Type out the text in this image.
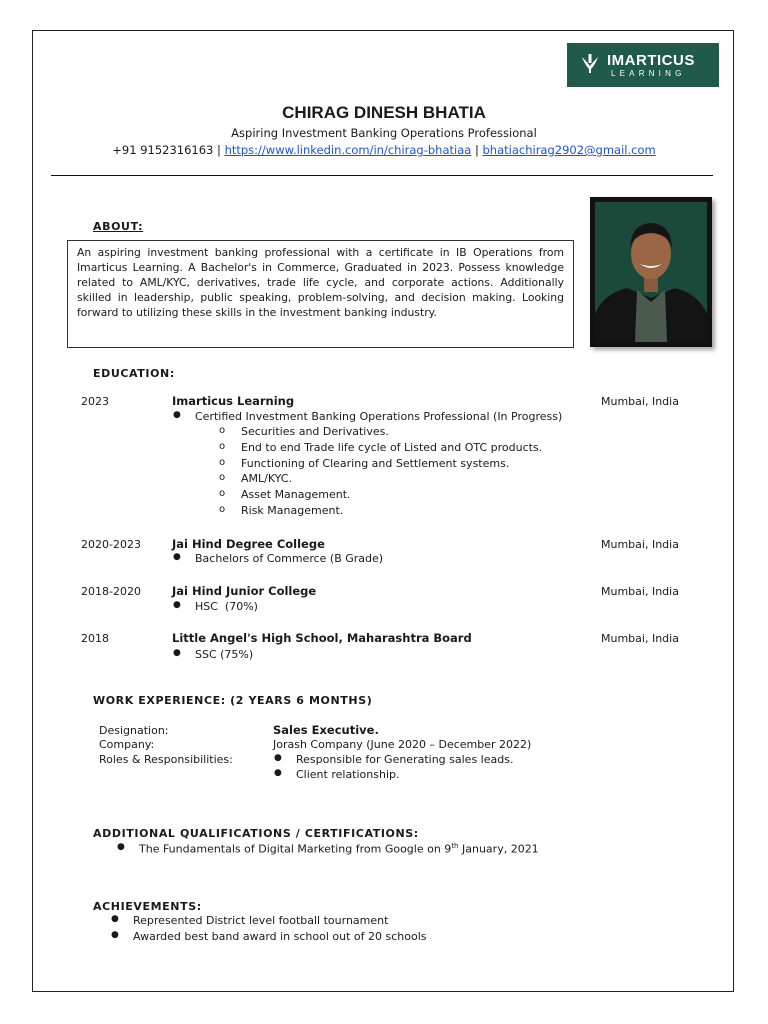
IMARTICUS
LEARNING
CHIRAG DINESH BHATIA
Aspiring Investment Banking Operations Professional
+91 9152316163 | https://www.linkedin.com/in/chirag-bhatiaa | bhatiachirag2902@gmail.com
ABOUT:
An aspiring investment banking professional with a certificate in IB Operations from Imarticus Learning. A Bachelor's in Commerce, Graduated in 2023. Possess knowledge related to AML/KYC, derivatives, trade life cycle, and corporate actions. Additionally skilled in leadership, public speaking, problem-solving, and decision making. Looking forward to utilizing these skills in the investment banking industry.
EDUCATION:
2023	Imarticus Learning	Mumbai, India
● Certified Investment Banking Operations Professional (In Progress)
o Securities and Derivatives.
o End to end Trade life cycle of Listed and OTC products.
o Functioning of Clearing and Settlement systems.
o AML/KYC.
o Asset Management.
o Risk Management.
2020-2023	Jai Hind Degree College	Mumbai, India
● Bachelors of Commerce (B Grade)
2018-2020	Jai Hind Junior College	Mumbai, India
● HSC  (70%)
2018	Little Angel's High School, Maharashtra Board	Mumbai, India
● SSC (75%)
WORK EXPERIENCE: (2 YEARS 6 MONTHS)
Designation:	Sales Executive.
Company:	Jorash Company (June 2020 – December 2022)
Roles & Responsibilities:	● Responsible for Generating sales leads.
● Client relationship.
ADDITIONAL QUALIFICATIONS / CERTIFICATIONS:
● The Fundamentals of Digital Marketing from Google on 9th January, 2021
ACHIEVEMENTS:
● Represented District level football tournament
● Awarded best band award in school out of 20 schools
